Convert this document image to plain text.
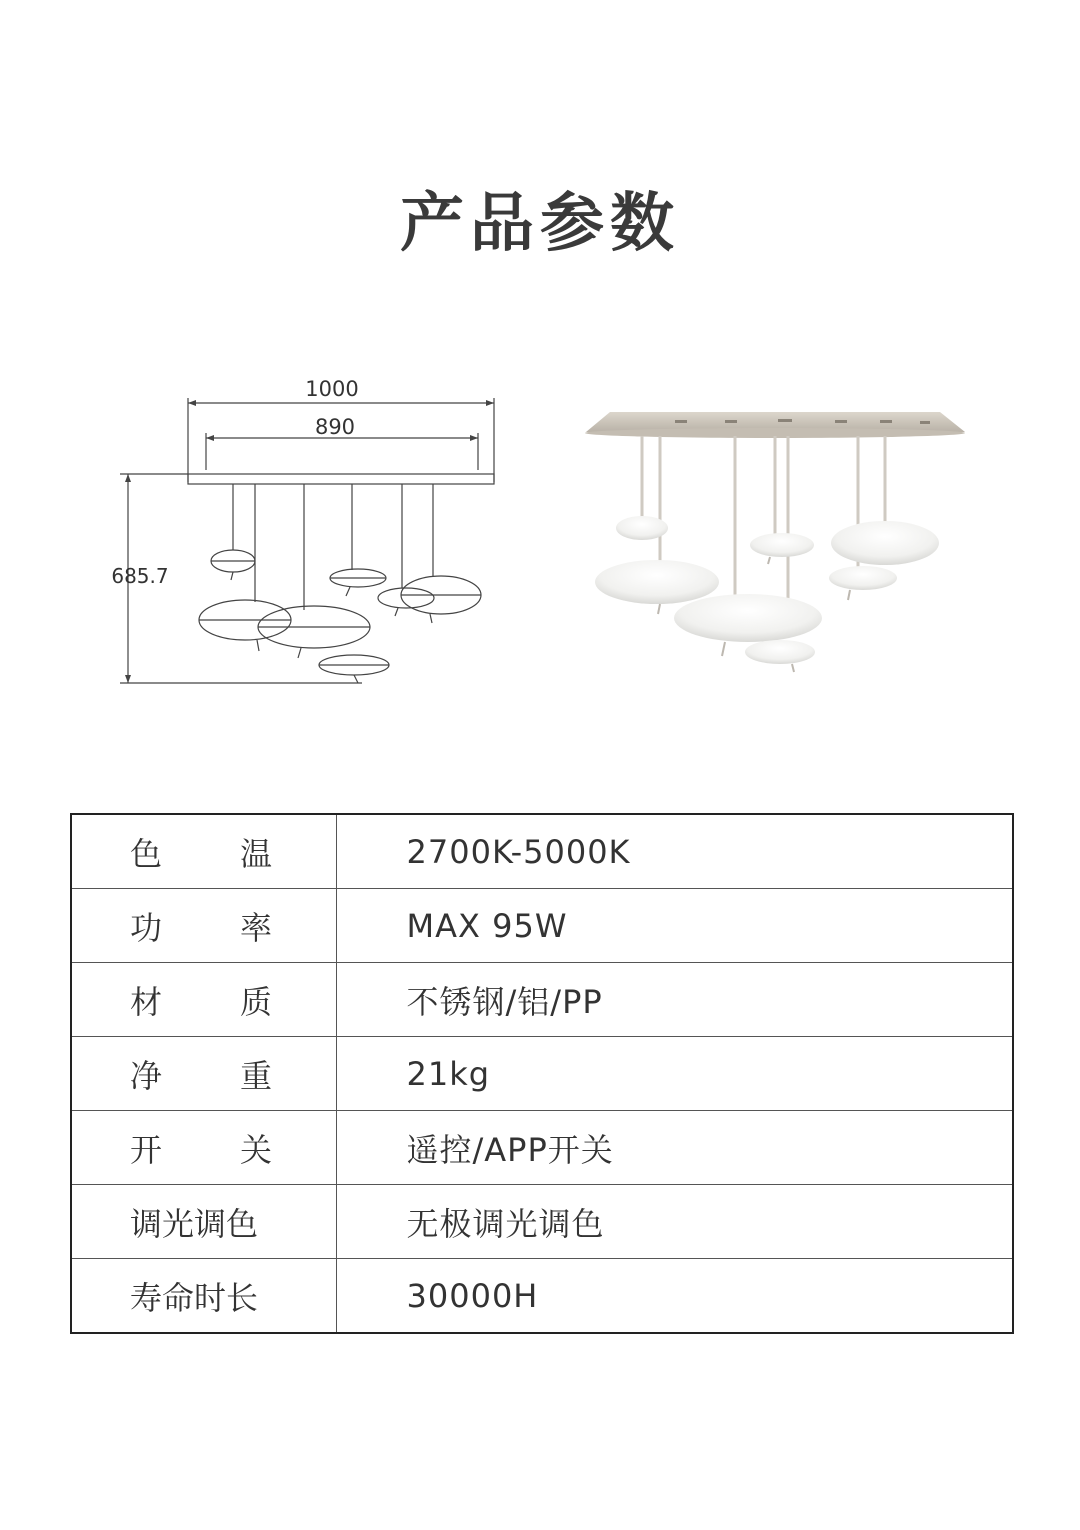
产品参数
1000
890
685.7
色 温	2700K-5000K

功 率	MAX 95W

材 质	不锈钢/铝/PP

净 重	21kg

开 关	遥控/APP开关
调光调色	无极调光调色
寿命时长	30000H
